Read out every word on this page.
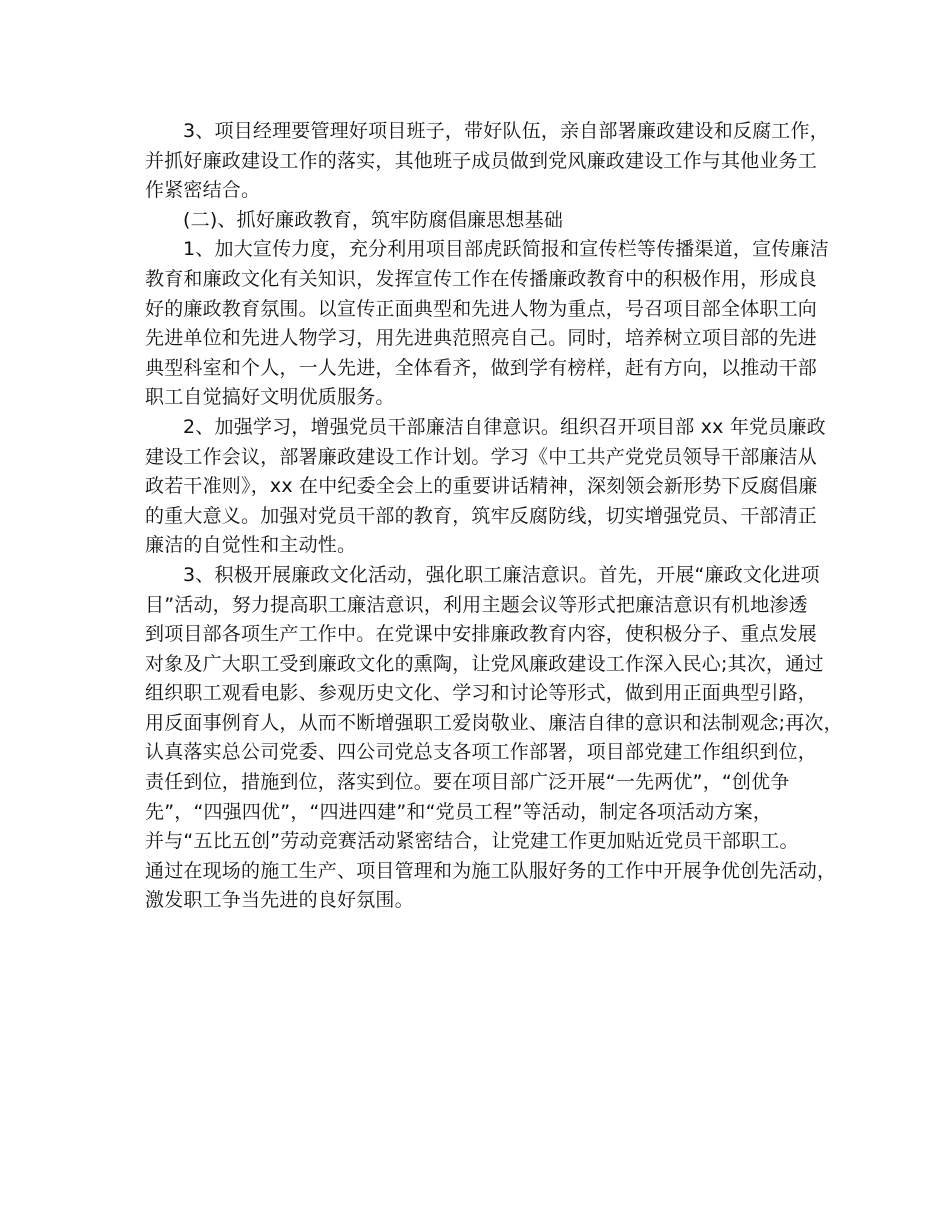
3、项目经理要管理好项目班子，带好队伍，亲自部署廉政建设和反腐工作，
并抓好廉政建设工作的落实，其他班子成员做到党风廉政建设工作与其他业务工
作紧密结合。
(二)、抓好廉政教育，筑牢防腐倡廉思想基础
1、加大宣传力度，充分利用项目部虎跃简报和宣传栏等传播渠道，宣传廉洁
教育和廉政文化有关知识，发挥宣传工作在传播廉政教育中的积极作用，形成良
好的廉政教育氛围。以宣传正面典型和先进人物为重点，号召项目部全体职工向
先进单位和先进人物学习，用先进典范照亮自己。同时，培养树立项目部的先进
典型科室和个人，一人先进，全体看齐，做到学有榜样，赶有方向，以推动干部
职工自觉搞好文明优质服务。
2、加强学习，增强党员干部廉洁自律意识。组织召开项目部 xx 年党员廉政
建设工作会议，部署廉政建设工作计划。学习《中工共产党党员领导干部廉洁从
政若干准则》，xx 在中纪委全会上的重要讲话精神，深刻领会新形势下反腐倡廉
的重大意义。加强对党员干部的教育，筑牢反腐防线，切实增强党员、干部清正
廉洁的自觉性和主动性。
3、积极开展廉政文化活动，强化职工廉洁意识。首先，开展“廉政文化进项
目”活动，努力提高职工廉洁意识，利用主题会议等形式把廉洁意识有机地渗透
到项目部各项生产工作中。在党课中安排廉政教育内容，使积极分子、重点发展
对象及广大职工受到廉政文化的熏陶，让党风廉政建设工作深入民心;其次，通过
组织职工观看电影、参观历史文化、学习和讨论等形式，做到用正面典型引路，
用反面事例育人，从而不断增强职工爱岗敬业、廉洁自律的意识和法制观念;再次，
认真落实总公司党委、四公司党总支各项工作部署，项目部党建工作组织到位，
责任到位，措施到位，落实到位。要在项目部广泛开展“一先两优”，“创优争
先”，“四强四优”，“四进四建”和“党员工程”等活动，制定各项活动方案，
并与“五比五创”劳动竞赛活动紧密结合，让党建工作更加贴近党员干部职工。
通过在现场的施工生产、项目管理和为施工队服好务的工作中开展争优创先活动，
激发职工争当先进的良好氛围。
